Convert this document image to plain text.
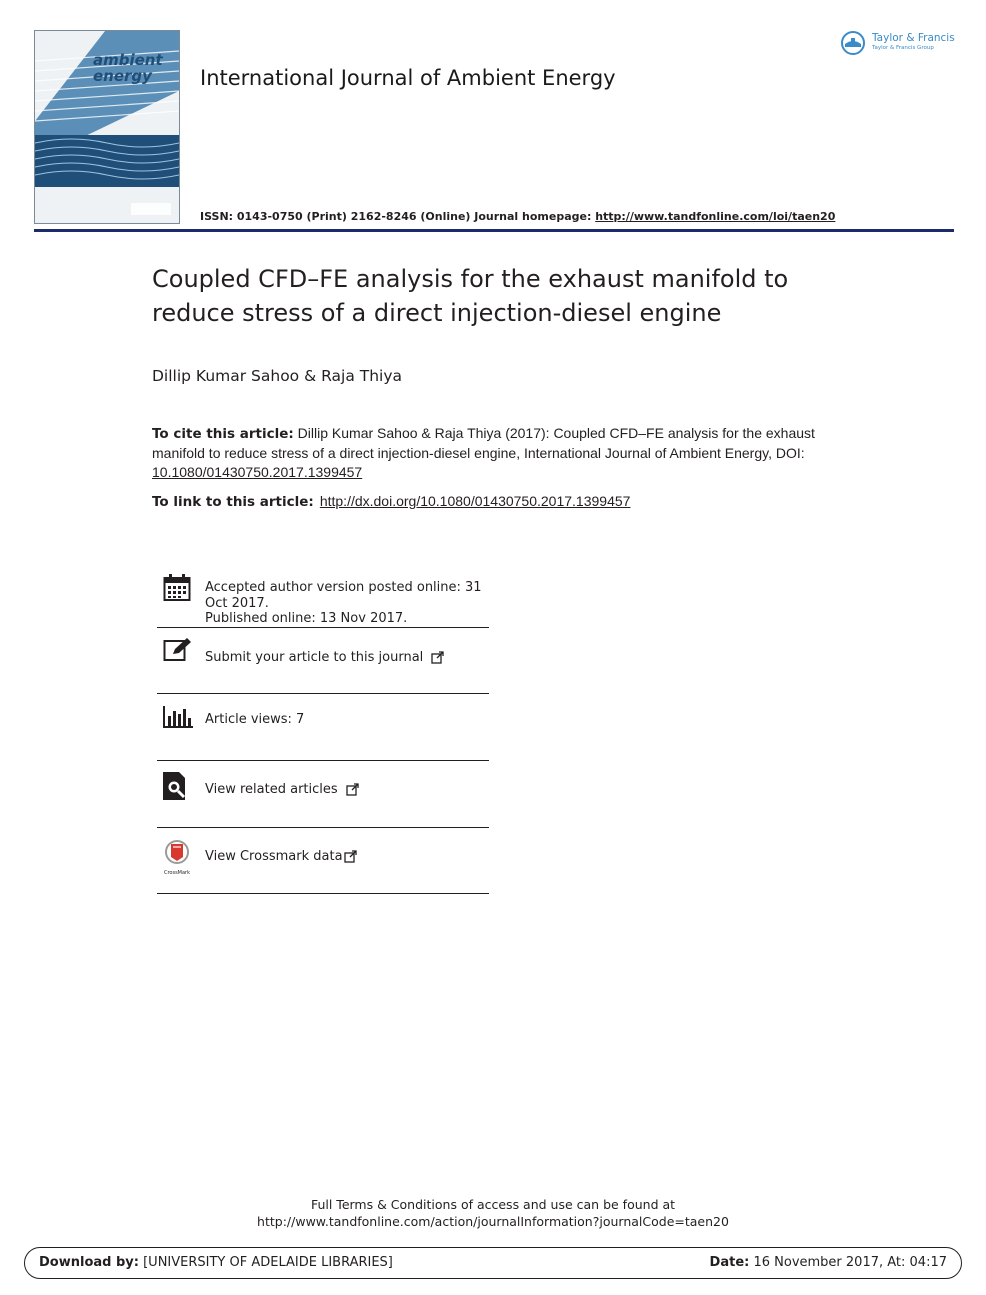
ambient
energy International Journal of Ambient Energy
Taylor & Francis
Taylor & Francis Group
ISSN: 0143-0750 (Print) 2162-8246 (Online) Journal homepage: http://www.tandfonline.com/loi/taen20
Coupled CFD–FE analysis for the exhaust manifold to reduce stress of a direct injection-diesel engine
Dillip Kumar Sahoo & Raja Thiya
To cite this article: Dillip Kumar Sahoo & Raja Thiya (2017): Coupled CFD–FE analysis for the exhaust manifold to reduce stress of a direct injection-diesel engine, International Journal of Ambient Energy, DOI: 10.1080/01430750.2017.1399457
To link to this article: http://dx.doi.org/10.1080/01430750.2017.1399457
Accepted author version posted online: 31 Oct 2017.
Published online: 13 Nov 2017.
Submit your article to this journal
Article views: 7
View related articles
CrossMark
View Crossmark data
Full Terms & Conditions of access and use can be found at
http://www.tandfonline.com/action/journalInformation?journalCode=taen20
Download by: [UNIVERSITY OF ADELAIDE LIBRARIES]	Date: 16 November 2017, At: 04:17
